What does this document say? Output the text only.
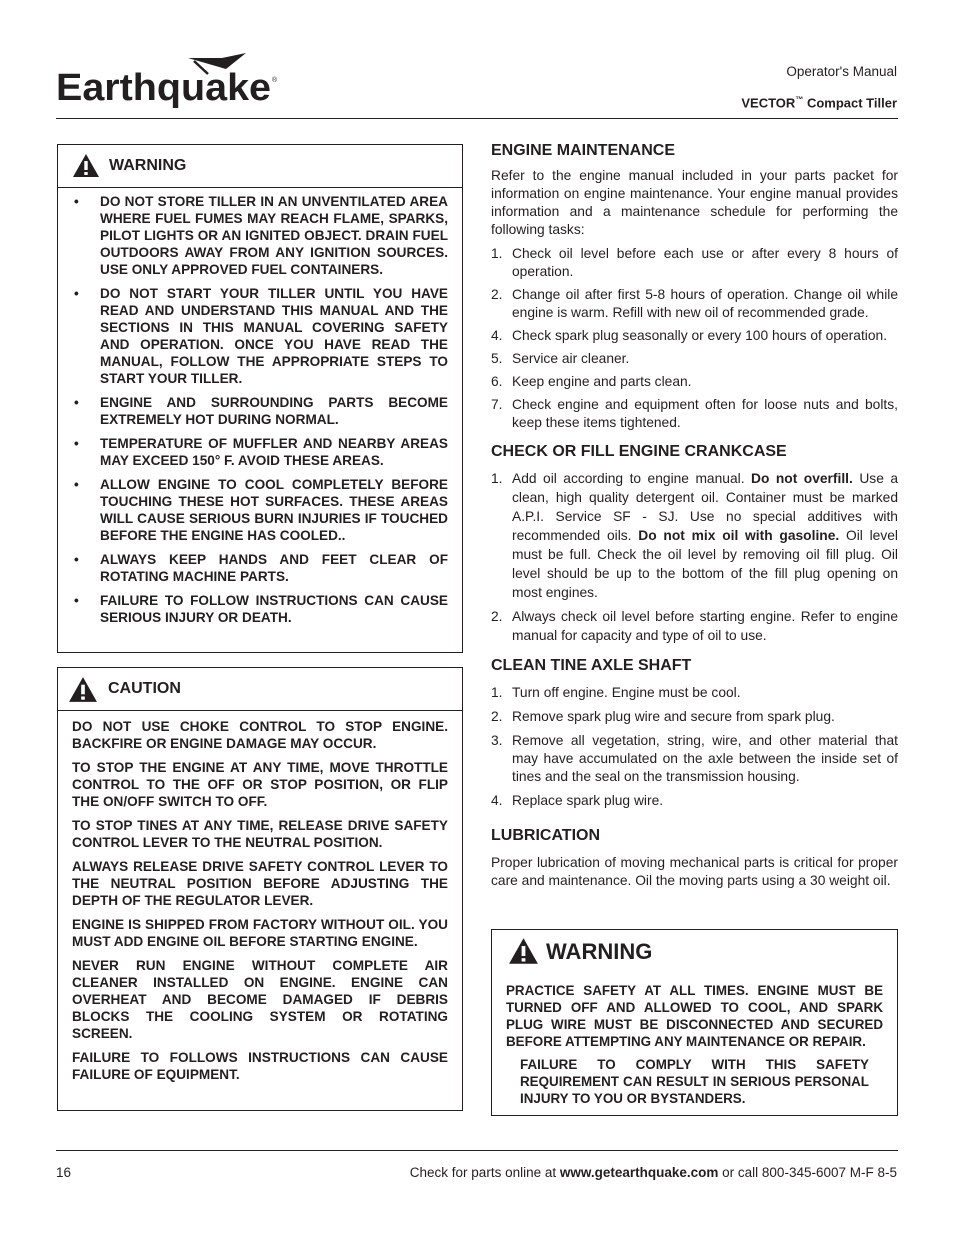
Earthquake ®
Operator's Manual
VECTOR™ Compact Tiller
WARNING
• DO NOT STORE TILLER IN AN UNVENTILATED AREA WHERE FUEL FUMES MAY REACH FLAME, SPARKS, PILOT LIGHTS OR AN IGNITED OBJECT. DRAIN FUEL OUTDOORS AWAY FROM ANY IGNITION SOURCES. USE ONLY APPROVED FUEL CONTAINERS.
• DO NOT START YOUR TILLER UNTIL YOU HAVE READ AND UNDERSTAND THIS MANUAL AND THE SECTIONS IN THIS MANUAL COVERING SAFETY AND OPERATION. ONCE YOU HAVE READ THE MANUAL, FOLLOW THE APPROPRIATE STEPS TO START YOUR TILLER.
• ENGINE AND SURROUNDING PARTS BECOME EXTREMELY HOT DURING NORMAL.
• TEMPERATURE OF MUFFLER AND NEARBY AREAS MAY EXCEED 150° F. AVOID THESE AREAS.
• ALLOW ENGINE TO COOL COMPLETELY BEFORE TOUCHING THESE HOT SURFACES. THESE AREAS WILL CAUSE SERIOUS BURN INJURIES IF TOUCHED BEFORE THE ENGINE HAS COOLED..
• ALWAYS KEEP HANDS AND FEET CLEAR OF ROTATING MACHINE PARTS.
• FAILURE TO FOLLOW INSTRUCTIONS CAN CAUSE SERIOUS INJURY OR DEATH.
CAUTION

DO NOT USE CHOKE CONTROL TO STOP ENGINE. BACKFIRE OR ENGINE DAMAGE MAY OCCUR.

TO STOP THE ENGINE AT ANY TIME, MOVE THROTTLE CONTROL TO THE OFF OR STOP POSITION, OR FLIP THE ON/OFF SWITCH TO OFF.

TO STOP TINES AT ANY TIME, RELEASE DRIVE SAFETY CONTROL LEVER TO THE NEUTRAL POSITION.

ALWAYS RELEASE DRIVE SAFETY CONTROL LEVER TO THE NEUTRAL POSITION BEFORE ADJUSTING THE DEPTH OF THE REGULATOR LEVER.

ENGINE IS SHIPPED FROM FACTORY WITHOUT OIL. YOU MUST ADD ENGINE OIL BEFORE STARTING ENGINE.

NEVER RUN ENGINE WITHOUT COMPLETE AIR CLEANER INSTALLED ON ENGINE. ENGINE CAN OVERHEAT AND BECOME DAMAGED IF DEBRIS BLOCKS THE COOLING SYSTEM OR ROTATING SCREEN.

FAILURE TO FOLLOWS INSTRUCTIONS CAN CAUSE FAILURE OF EQUIPMENT.

ENGINE MAINTENANCE

Refer to the engine manual included in your parts packet for information on engine maintenance. Your engine manual provides information and a maintenance schedule for performing the following tasks:

1. Check oil level before each use or after every 8 hours of operation.
2. Change oil after first 5-8 hours of operation. Change oil while engine is warm. Refill with new oil of recommended grade.
4. Check spark plug seasonally or every 100 hours of operation.
5. Service air cleaner.
6. Keep engine and parts clean.
7. Check engine and equipment often for loose nuts and bolts, keep these items tightened.
CHECK OR FILL ENGINE CRANKCASE
1. Add oil according to engine manual. Do not overfill. Use a clean, high quality detergent oil. Container must be marked A.P.I. Service SF - SJ. Use no special additives with recommended oils. Do not mix oil with gasoline. Oil level must be full. Check the oil level by removing oil fill plug. Oil level should be up to the bottom of the fill plug opening on most engines.
2. Always check oil level before starting engine. Refer to engine manual for capacity and type of oil to use.
CLEAN TINE AXLE SHAFT
1. Turn off engine. Engine must be cool.
2. Remove spark plug wire and secure from spark plug.
3. Remove all vegetation, string, wire, and other material that may have accumulated on the axle between the inside set of tines and the seal on the transmission housing.
4. Replace spark plug wire.
LUBRICATION

Proper lubrication of moving mechanical parts is critical for proper care and maintenance. Oil the moving parts using a 30 weight oil.

WARNING

PRACTICE SAFETY AT ALL TIMES. ENGINE MUST BE TURNED OFF AND ALLOWED TO COOL, AND SPARK PLUG WIRE MUST BE DISCONNECTED AND SECURED BEFORE ATTEMPTING ANY MAINTENANCE OR REPAIR.

FAILURE TO COMPLY WITH THIS SAFETY REQUIREMENT CAN RESULT IN SERIOUS PERSONAL INJURY TO YOU OR BYSTANDERS.

16	Check for parts online at www.getearthquake.com or call 800-345-6007 M-F 8-5
